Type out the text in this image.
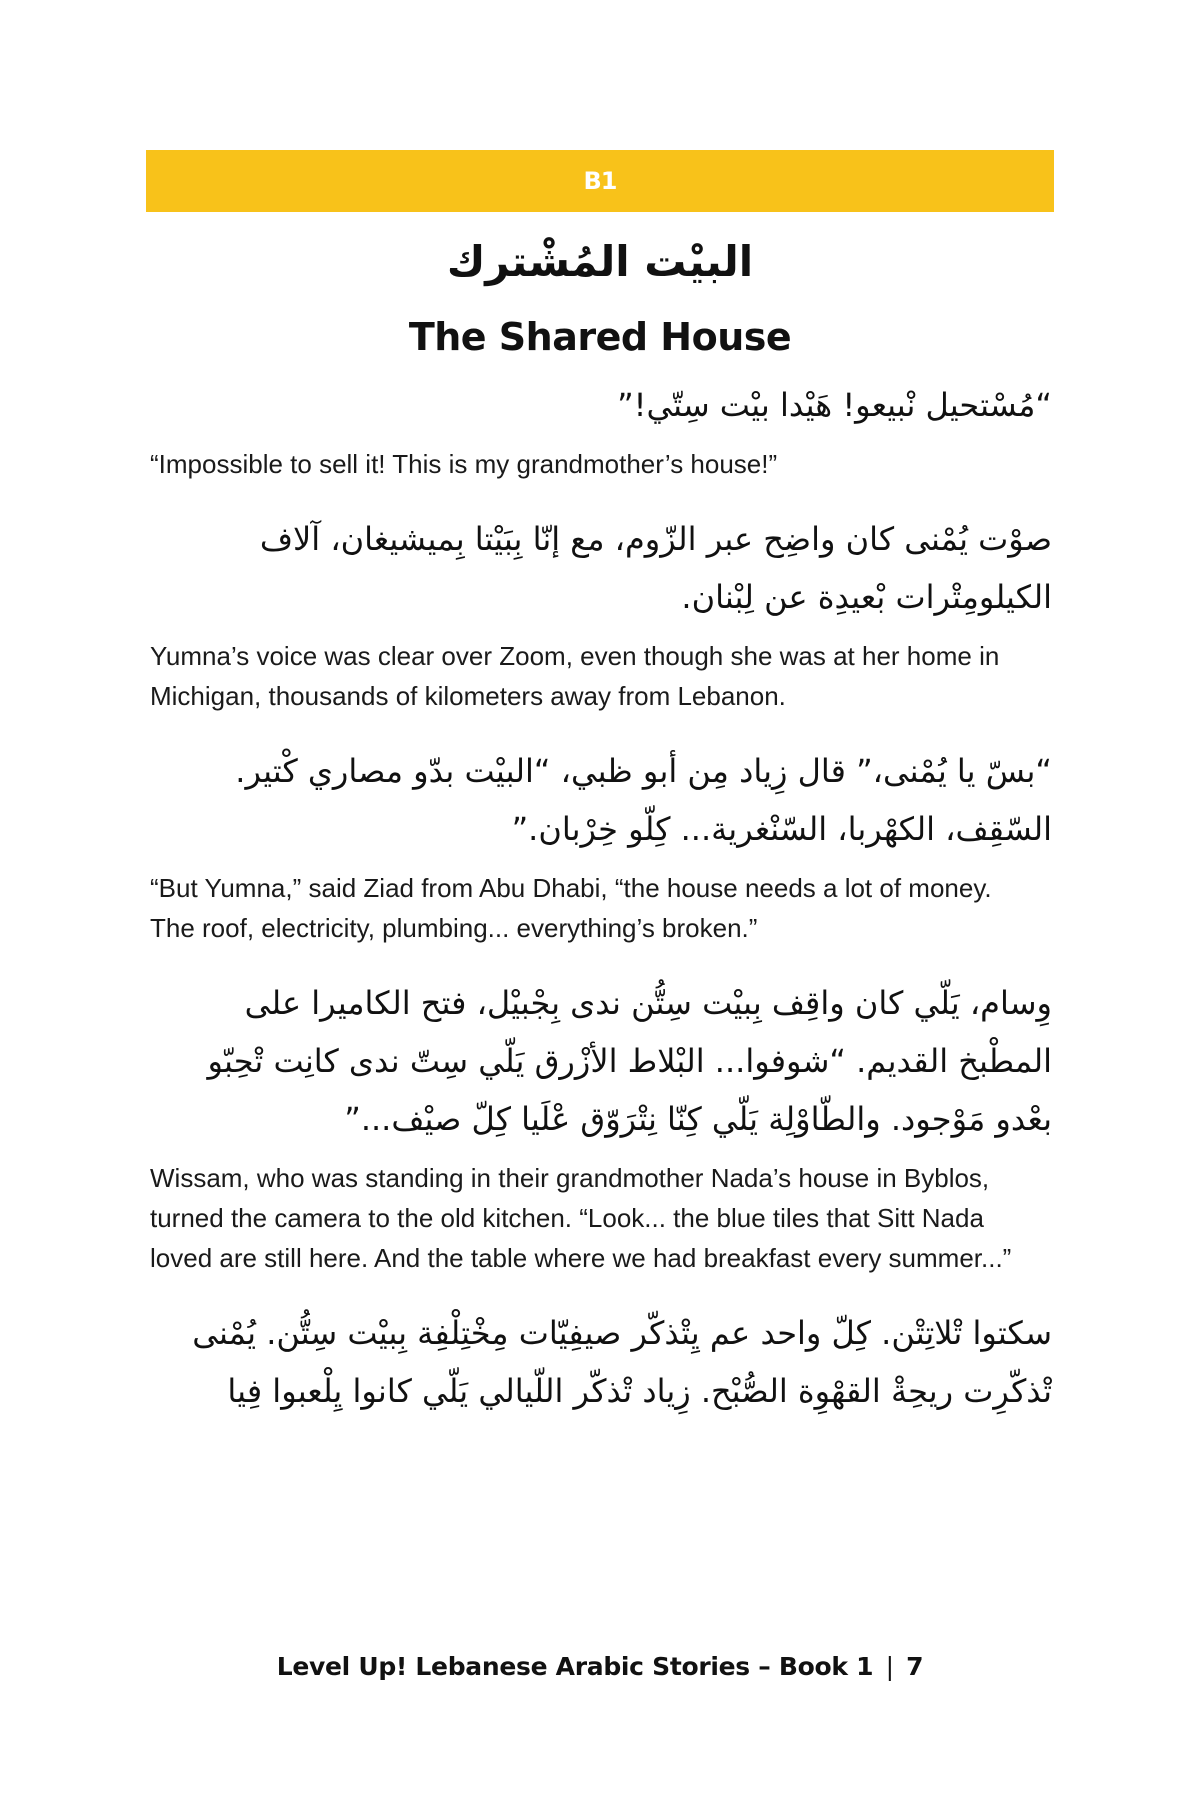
B1
البيْت المُشْترك
The Shared House
“مُسْتحيل نْبيعو! هَيْدا بيْت سِتّي!”
“Impossible to sell it! This is my grandmother’s house!”
صوْت يُمْنى كان واضِح عبر الزّوم، مع إنّا بِبَيْتا بِميشيغان، آلاف الكيلومِتْرات بْعيدِة عن لِبْنان.
Yumna’s voice was clear over Zoom, even though she was at her home in Michigan, thousands of kilometers away from Lebanon.
“بسّ يا يُمْنى،” قال زِياد مِن أبو ظبي، “البيْت بدّو مصاري كْتير. السّقِف، الكهْربا، السّنْغرية... كِلّو خِرْبان.”
“But Yumna,” said Ziad from Abu Dhabi, “the house needs a lot of money. The roof, electricity, plumbing... everything’s broken.”
وِسام، يَلّي كان واقِف بِبيْت سِتُّن ندى بِجْبيْل، فتح الكاميرا على المطْبخ القديم. “شوفوا... البْلاط الأزْرق يَلّي سِتّ ندى كانِت تْحِبّو بعْدو مَوْجود. والطّاوْلِة يَلّي كِنّا نِتْرَوّق عْلَيا كِلّ صيْف...”
Wissam, who was standing in their grandmother Nada’s house in Byblos, turned the camera to the old kitchen. “Look... the blue tiles that Sitt Nada loved are still here. And the table where we had breakfast every summer...”
سكتوا تْلاتِتْن. كِلّ واحد عم يِتْذكّر صيفِيّات مِخْتِلْفِة بِبيْت سِتُّن. يُمْنى تْذكّرِت ريحِةْ القهْوِة الصُّبْح. زِياد تْذكّر اللّيالي يَلّي كانوا يِلْعبوا فِيا
Level Up! Lebanese Arabic Stories – Book 1 | 7
